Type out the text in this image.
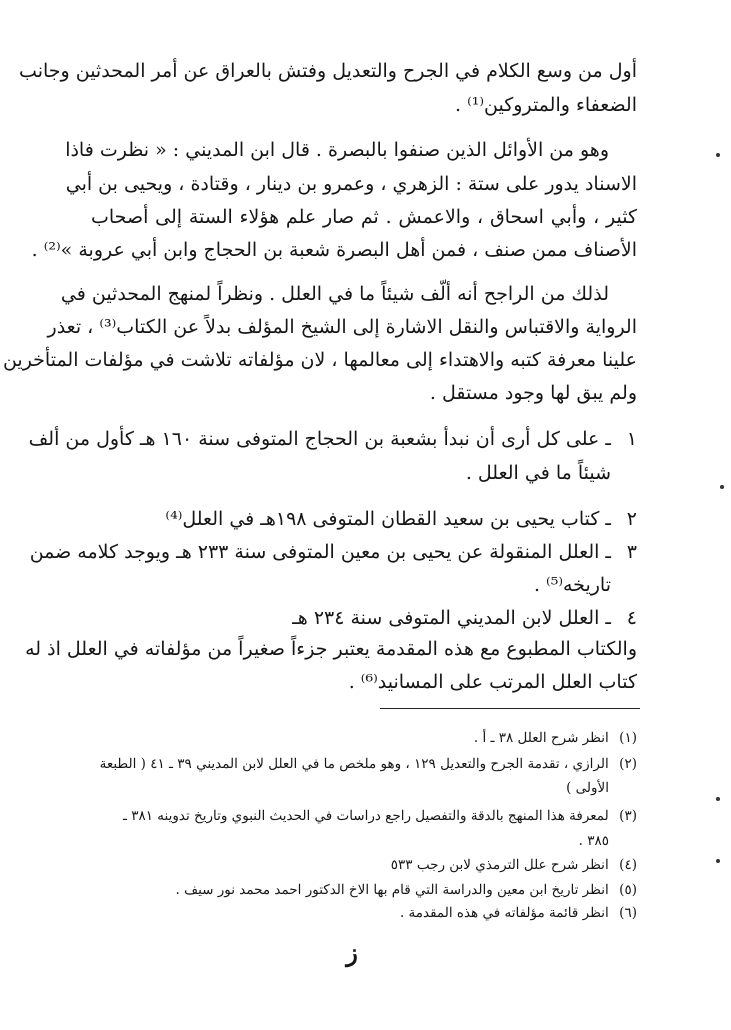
أول من وسع الكلام في الجرح والتعديل وفتش بالعراق عن أمر المحدثين وجانب
الضعفاء والمتروكين⁽¹⁾ .
وهو من الأوائل الذين صنفوا بالبصرة . قال ابن المديني : « نظرت فاذا
الاسناد يدور على ستة : الزهري ، وعمرو بن دينار ، وقتادة ، ويحيى بن أبي
كثير ، وأبي اسحاق ، والاعمش . ثم صار علم هؤلاء الستة إلى أصحاب
الأصناف ممن صنف ، فمن أهل البصرة شعبة بن الحجاج وابن أبي عروبة »⁽²⁾ .
لذلك من الراجح أنه ألّف شيئاً ما في العلل . ونظراً لمنهج المحدثين في
الرواية والاقتباس والنقل الاشارة إلى الشيخ المؤلف بدلاً عن الكتاب⁽³⁾ ، تعذر
علينا معرفة كتبه والاهتداء إلى معالمها ، لان مؤلفاته تلاشت في مؤلفات المتأخرين
ولم يبق لها وجود مستقل .
١
ـ على كل أرى أن نبدأ بشعبة بن الحجاج المتوفى سنة ١٦٠ هـ كأول من ألف
شيئاً ما في العلل .
٢
ـ كتاب يحيى بن سعيد القطان المتوفى ١٩٨هـ في العلل⁽⁴⁾
٣
ـ العلل المنقولة عن يحيى بن معين المتوفى سنة ٢٣٣ هـ ويوجد كلامه ضمن
تاريخه⁽⁵⁾ .
٤
ـ العلل لابن المديني المتوفى سنة ٢٣٤ هـ
والكتاب المطبوع مع هذه المقدمة يعتبر جزءاً صغيراً من مؤلفاته في العلل اذ له
كتاب العلل المرتب على المسانيد⁽⁶⁾ .
(١) انظر شرح العلل ٣٨ ـ أ .
(٢) الرازي ، تقدمة الجرح والتعديل ١٢٩ ، وهو ملخص ما في العلل لابن المديني ٣٩ ـ ٤١ ( الطبعة
الأولى )
(٣) لمعرفة هذا المنهج بالدقة والتفصيل راجع دراسات في الحديث النبوي وتاريخ تدوينه ٣٨١ ـ
٣٨٥ .
(٤) انظر شرح علل الترمذي لابن رجب ٥٣٣
(٥) انظر تاريخ ابن معين والدراسة التي قام بها الاخ الدكتور احمد محمد نور سيف .
(٦) انظر قائمة مؤلفاته في هذه المقدمة .
ز
